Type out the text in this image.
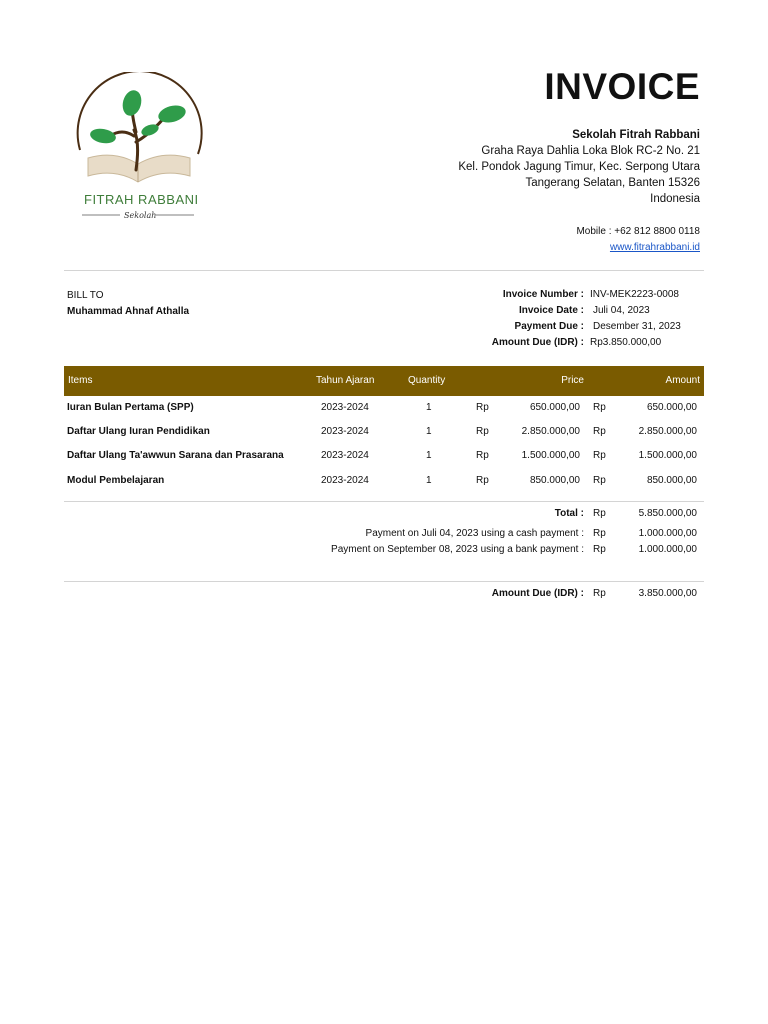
FITRAH RABBANI
Sekolah
INVOICE
Sekolah Fitrah Rabbani
Graha Raya Dahlia Loka Blok RC-2 No. 21
Kel. Pondok Jagung Timur, Kec. Serpong Utara
Tangerang Selatan, Banten 15326
Indonesia
Mobile : +62 812 8800 0118
www.fitrahrabbani.id
BILL TO
Muhammad Ahnaf Athalla
Invoice Number : INV-MEK2223-0008
Invoice Date : Juli 04, 2023
Payment Due : Desember 31, 2023
Amount Due (IDR) : Rp3.850.000,00
Items	Tahun Ajaran	Quantity	Price	Amount
Iuran Bulan Pertama (SPP)	2023-2024	1	Rp	650.000,00 Rp	650.000,00
Daftar Ulang Iuran Pendidikan	2023-2024	1	Rp	2.850.000,00 Rp	2.850.000,00
Daftar Ulang Ta'awwun Sarana dan Prasarana	2023-2024	1	Rp	1.500.000,00 Rp	1.500.000,00
Modul Pembelajaran	2023-2024	1	Rp	850.000,00 Rp	850.000,00
Total : Rp	5.850.000,00
Payment on Juli 04, 2023 using a cash payment : Rp	1.000.000,00
Payment on September 08, 2023 using a bank payment : Rp	1.000.000,00
Amount Due (IDR) : Rp	3.850.000,00
